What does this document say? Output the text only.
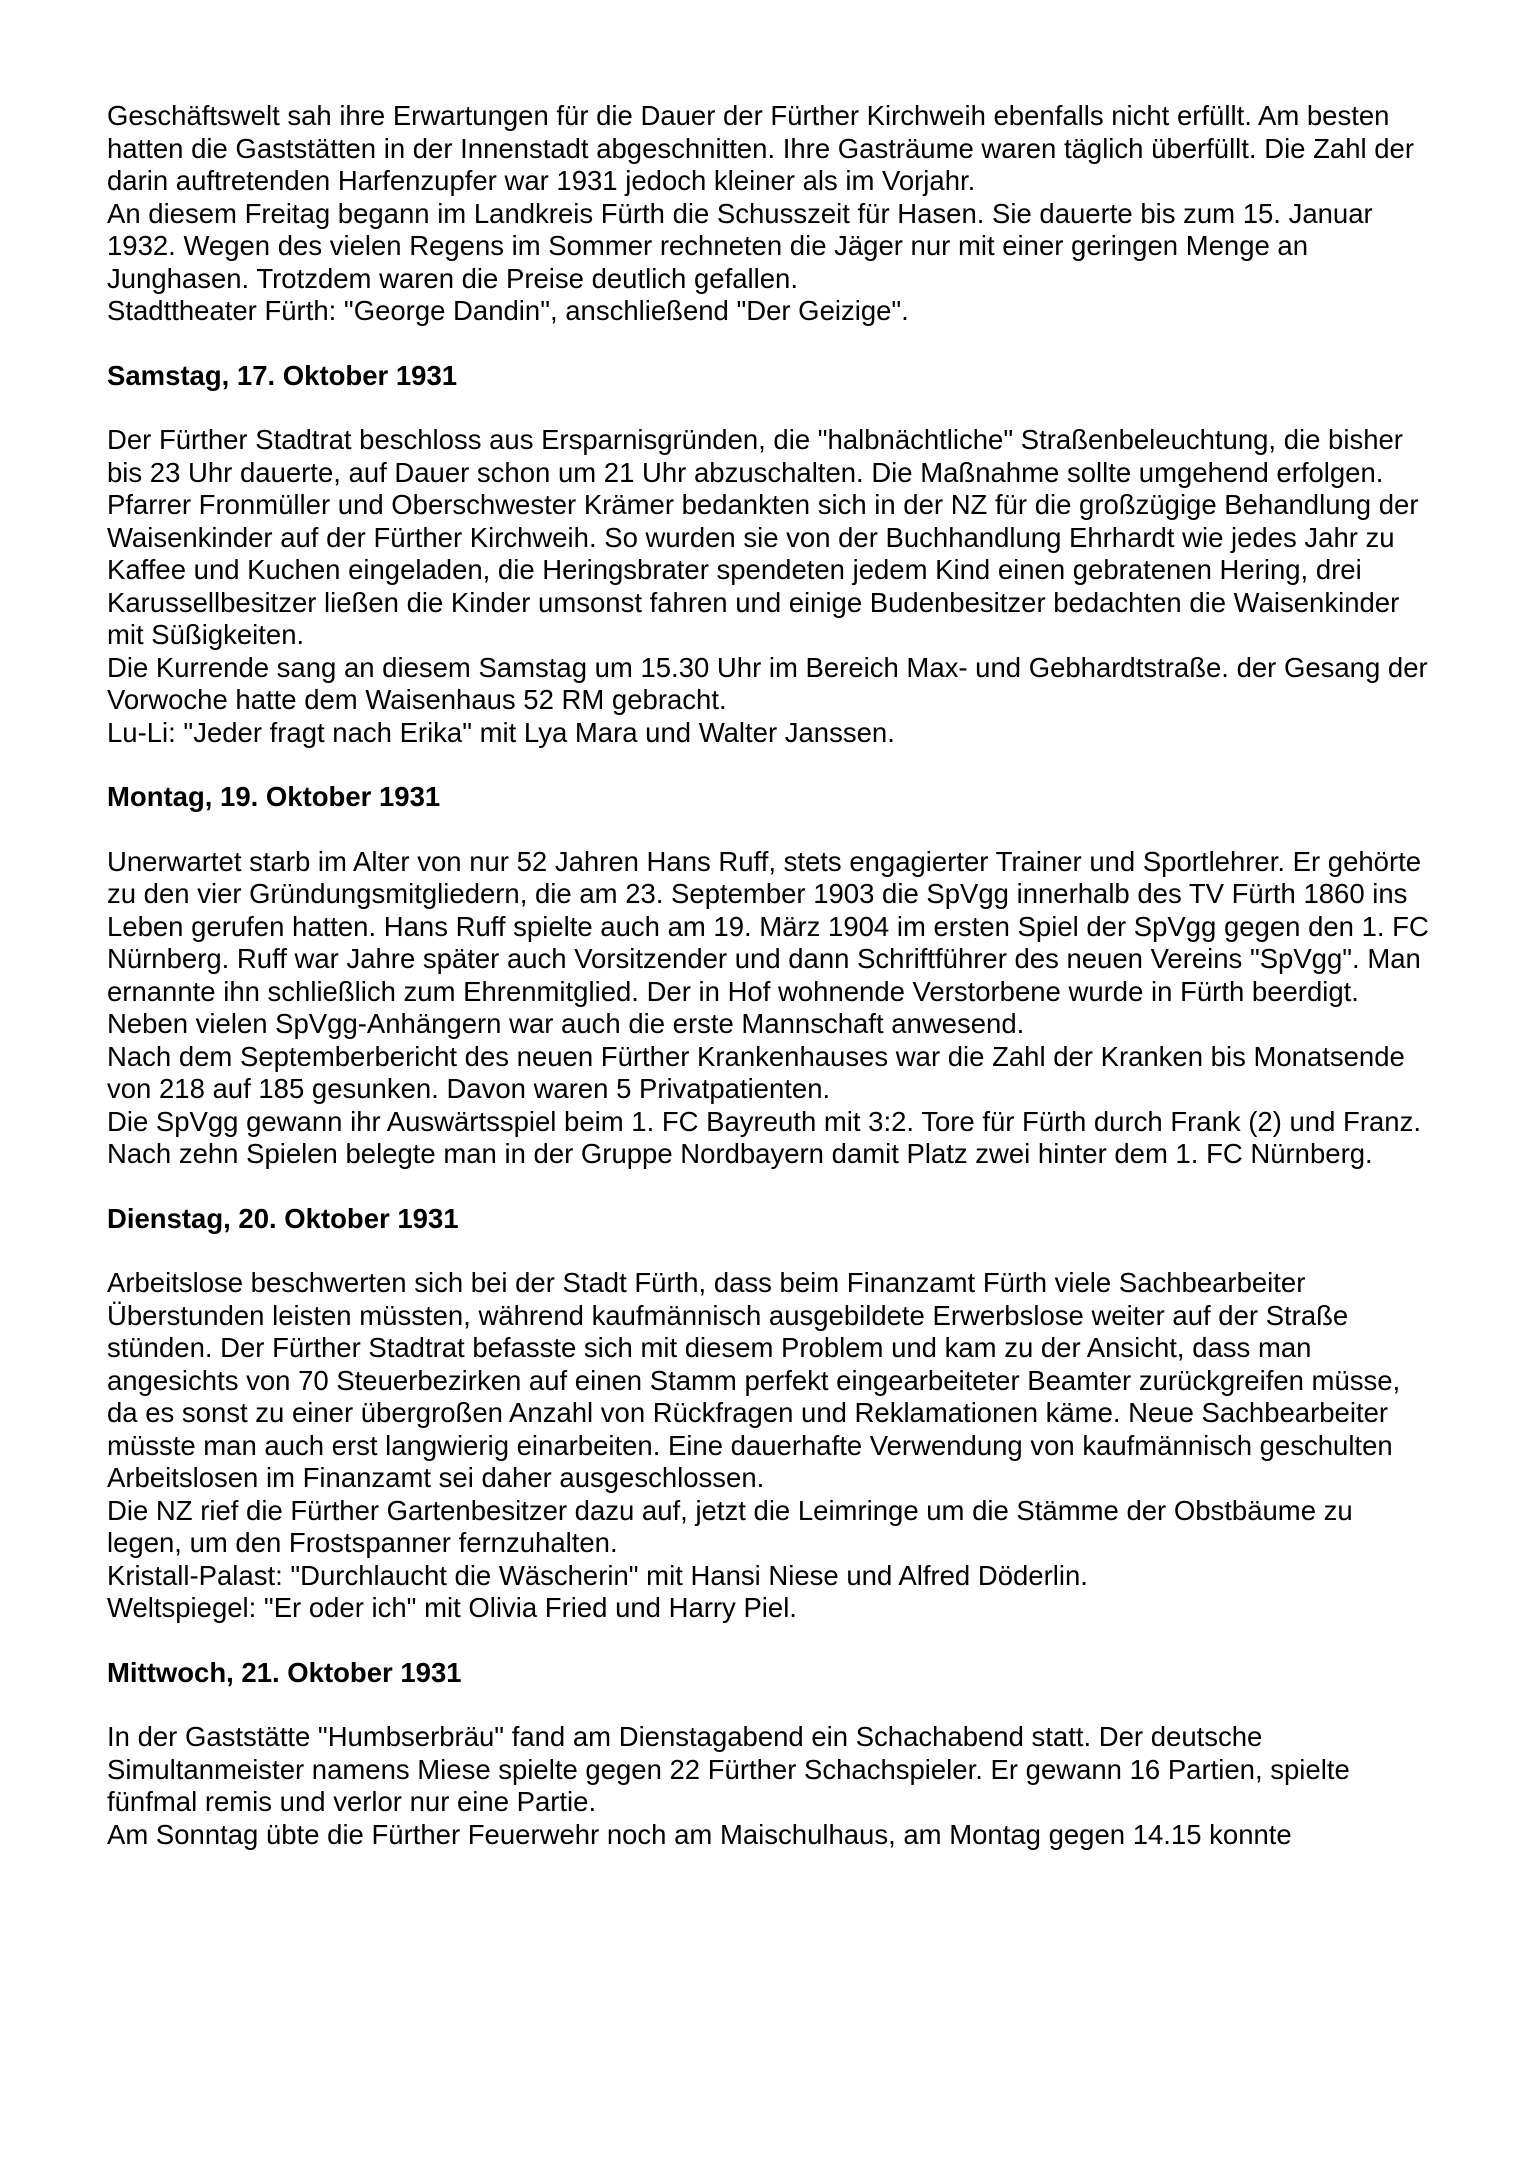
Geschäftswelt sah ihre Erwartungen für die Dauer der Fürther Kirchweih ebenfalls nicht erfüllt. Am besten hatten die Gaststätten in der Innenstadt abgeschnitten. Ihre Gasträume waren täglich überfüllt. Die Zahl der darin auftretenden Harfenzupfer war 1931 jedoch kleiner als im Vorjahr.

An diesem Freitag begann im Landkreis Fürth die Schusszeit für Hasen. Sie dauerte bis zum 15. Januar 1932. Wegen des vielen Regens im Sommer rechneten die Jäger nur mit einer geringen Menge an Junghasen. Trotzdem waren die Preise deutlich gefallen.

Stadttheater Fürth: "George Dandin", anschließend "Der Geizige".

Samstag, 17. Oktober 1931

Der Fürther Stadtrat beschloss aus Ersparnisgründen, die "halbnächtliche" Straßenbeleuchtung, die bisher bis 23 Uhr dauerte, auf Dauer schon um 21 Uhr abzuschalten. Die Maßnahme sollte umgehend erfolgen.

Pfarrer Fronmüller und Oberschwester Krämer bedankten sich in der NZ für die großzügige Behandlung der Waisenkinder auf der Fürther Kirchweih. So wurden sie von der Buchhandlung Ehrhardt wie jedes Jahr zu Kaffee und Kuchen eingeladen, die Heringsbrater spendeten jedem Kind einen gebratenen Hering, drei Karussellbesitzer ließen die Kinder umsonst fahren und einige Budenbesitzer bedachten die Waisenkinder mit Süßigkeiten.

Die Kurrende sang an diesem Samstag um 15.30 Uhr im Bereich Max- und Gebhardtstraße. der Gesang der Vorwoche hatte dem Waisenhaus 52 RM gebracht.

Lu-Li: "Jeder fragt nach Erika" mit Lya Mara und Walter Janssen.

Montag, 19. Oktober 1931

Unerwartet starb im Alter von nur 52 Jahren Hans Ruff, stets engagierter Trainer und Sportlehrer. Er gehörte zu den vier Gründungsmitgliedern, die am 23. September 1903 die SpVgg innerhalb des TV Fürth 1860 ins Leben gerufen hatten. Hans Ruff spielte auch am 19. März 1904 im ersten Spiel der SpVgg gegen den 1. FC Nürnberg. Ruff war Jahre später auch Vorsitzender und dann Schriftführer des neuen Vereins "SpVgg". Man ernannte ihn schließlich zum Ehrenmitglied. Der in Hof wohnende Verstorbene wurde in Fürth beerdigt. Neben vielen SpVgg-Anhängern war auch die erste Mannschaft anwesend.

Nach dem Septemberbericht des neuen Fürther Krankenhauses war die Zahl der Kranken bis Monatsende von 218 auf 185 gesunken. Davon waren 5 Privatpatienten.

Die SpVgg gewann ihr Auswärtsspiel beim 1. FC Bayreuth mit 3:2. Tore für Fürth durch Frank (2) und Franz. Nach zehn Spielen belegte man in der Gruppe Nordbayern damit Platz zwei hinter dem 1. FC Nürnberg.

Dienstag, 20. Oktober 1931

Arbeitslose beschwerten sich bei der Stadt Fürth, dass beim Finanzamt Fürth viele Sachbearbeiter Überstunden leisten müssten, während kaufmännisch ausgebildete Erwerbslose weiter auf der Straße stünden. Der Fürther Stadtrat befasste sich mit diesem Problem und kam zu der Ansicht, dass man angesichts von 70 Steuerbezirken auf einen Stamm perfekt eingearbeiteter Beamter zurückgreifen müsse, da es sonst zu einer übergroßen Anzahl von Rückfragen und Reklamationen käme. Neue Sachbearbeiter müsste man auch erst langwierig einarbeiten. Eine dauerhafte Verwendung von kaufmännisch geschulten Arbeitslosen im Finanzamt sei daher ausgeschlossen.

Die NZ rief die Fürther Gartenbesitzer dazu auf, jetzt die Leimringe um die Stämme der Obstbäume zu legen, um den Frostspanner fernzuhalten.

Kristall-Palast: "Durchlaucht die Wäscherin" mit Hansi Niese und Alfred Döderlin.

Weltspiegel: "Er oder ich" mit Olivia Fried und Harry Piel.

Mittwoch, 21. Oktober 1931

In der Gaststätte "Humbserbräu" fand am Dienstagabend ein Schachabend statt. Der deutsche Simultanmeister namens Miese spielte gegen 22 Fürther Schachspieler. Er gewann 16 Partien, spielte fünfmal remis und verlor nur eine Partie.

Am Sonntag übte die Fürther Feuerwehr noch am Maischulhaus, am Montag gegen 14.15 konnte
